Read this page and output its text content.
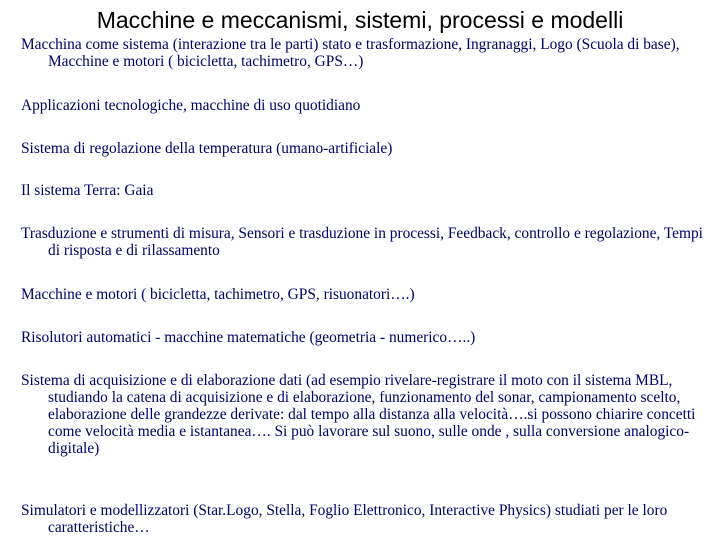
Macchine e meccanismi, sistemi, processi e modelli
Macchina come sistema (interazione tra le parti) stato e trasformazione, Ingranaggi, Logo (Scuola di base), Macchine e motori ( bicicletta, tachimetro, GPS…)
Applicazioni tecnologiche, macchine di uso quotidiano
Sistema di regolazione della temperatura (umano-artificiale)
Il sistema Terra: Gaia
Trasduzione e strumenti di misura, Sensori e trasduzione in processi, Feedback, controllo e regolazione, Tempi di risposta e di rilassamento
Macchine e motori ( bicicletta, tachimetro, GPS, risuonatori….)
Risolutori automatici - macchine matematiche (geometria - numerico…..)
Sistema di acquisizione e di elaborazione dati (ad esempio rivelare-registrare il moto con il sistema MBL, studiando la catena di acquisizione e di elaborazione, funzionamento del sonar, campionamento scelto, elaborazione delle grandezze derivate: dal tempo alla distanza alla velocità….si possono chiarire concetti come velocità media e istantanea…. Si può lavorare sul suono, sulle onde , sulla conversione analogico-digitale)
Simulatori e modellizzatori (Star.Logo, Stella, Foglio Elettronico, Interactive Physics) studiati per le loro caratteristiche…
